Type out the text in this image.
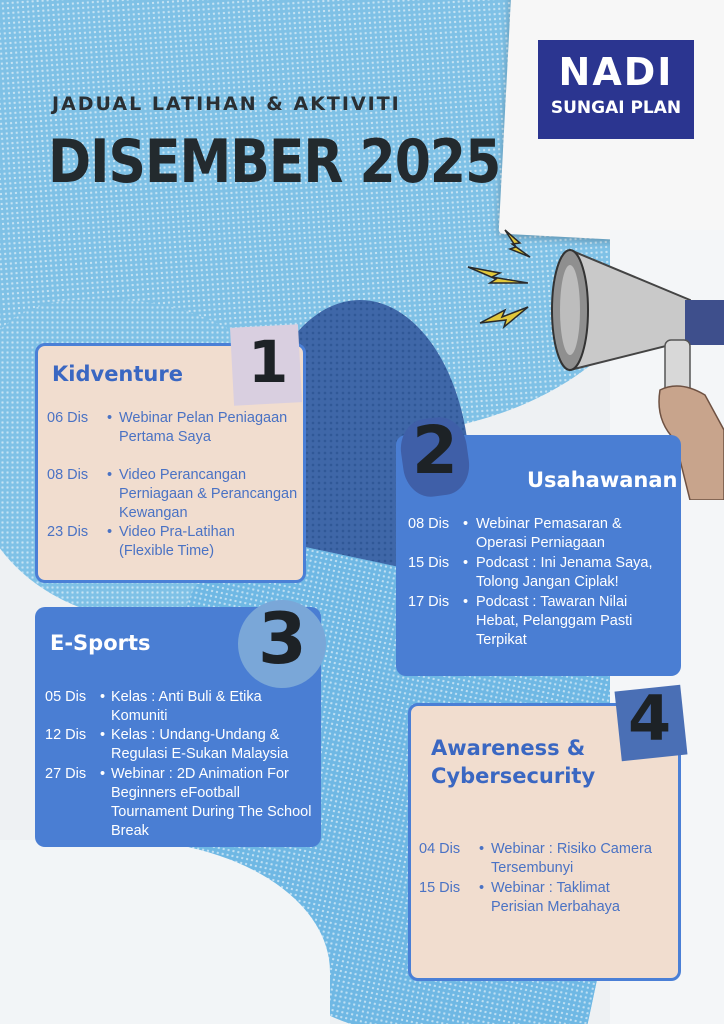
NADI
SUNGAI PLAN
JADUAL LATIHAN & AKTIVITI
DISEMBER 2025
Kidventure
06 Dis • Webinar Pelan Peniagaan Pertama Saya
08 Dis • Video Perancangan Perniagaan & Perancangan Kewangan
23 Dis • Video Pra-Latihan (Flexible Time)
1
Usahawanan
08 Dis • Webinar Pemasaran & Operasi Perniagaan
15 Dis • Podcast : Ini Jenama Saya, Tolong Jangan Ciplak!
17 Dis • Podcast : Tawaran Nilai Hebat, Pelanggam Pasti Terpikat
2
E-Sports
05 Dis • Kelas : Anti Buli & Etika Komuniti
12 Dis • Kelas : Undang-Undang & Regulasi E-Sukan Malaysia
27 Dis • Webinar : 2D Animation For Beginners eFootball Tournament During The School Break
3
Awareness &
Cybersecurity
04 Dis • Webinar : Risiko Camera Tersembunyi
15 Dis • Webinar : Taklimat Perisian Merbahaya
4
